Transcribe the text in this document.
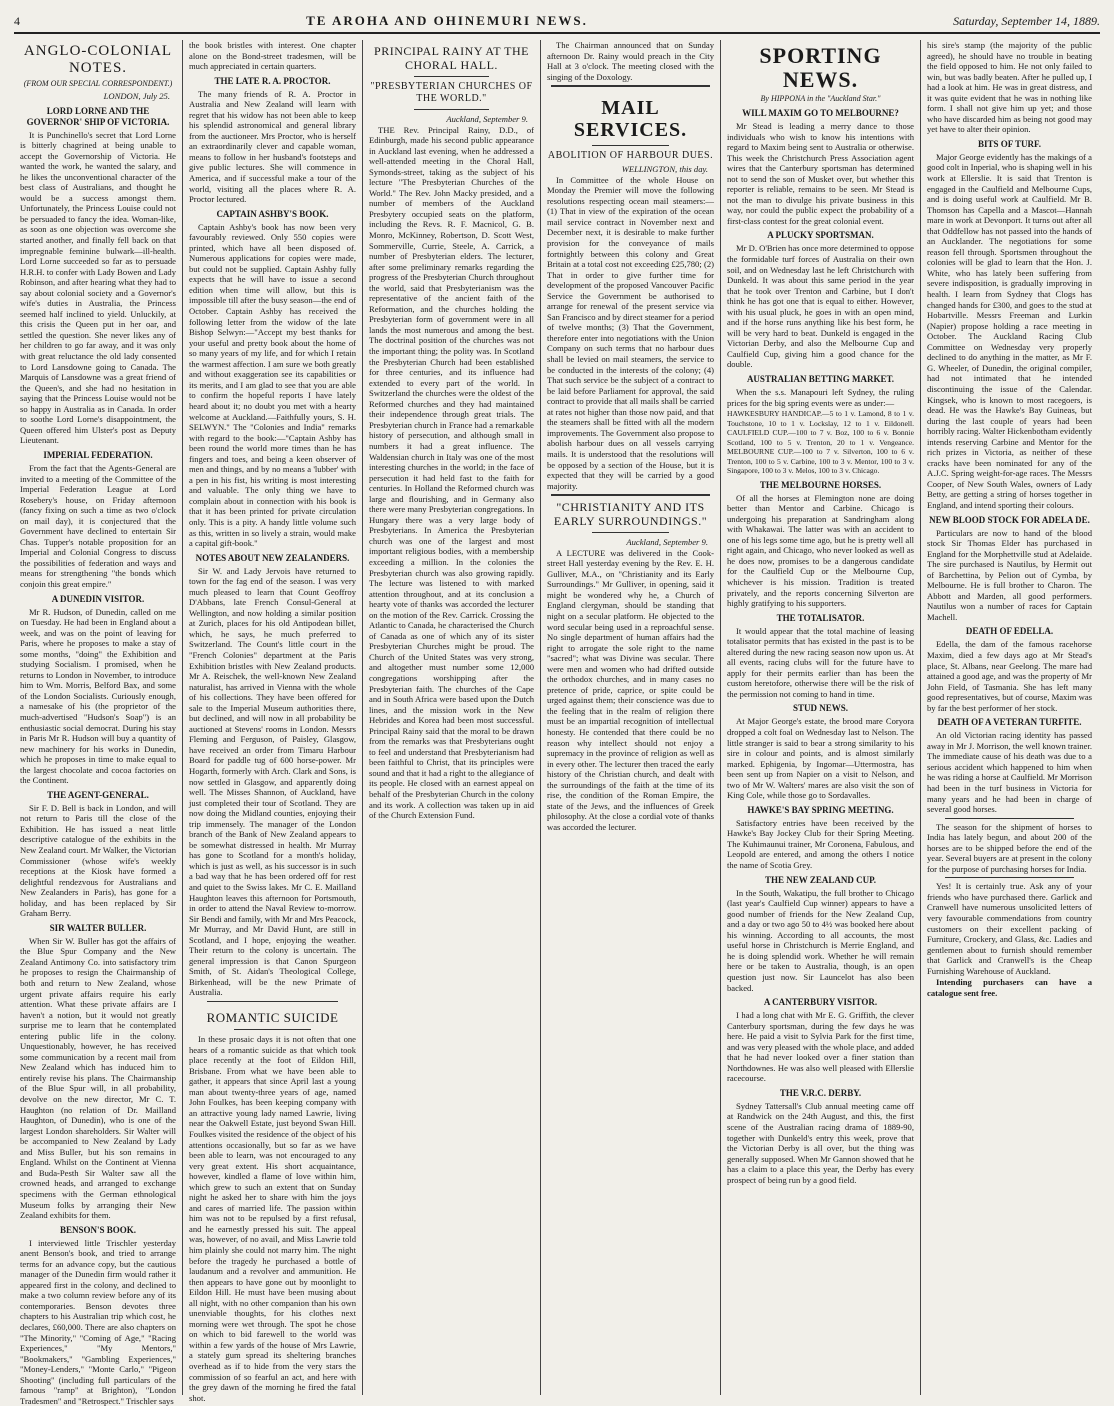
4	TE AROHA AND OHINEMURI NEWS.	Saturday, September 14, 1889.
ANGLO-COLONIAL NOTES.
(FROM OUR SPECIAL CORRESPONDENT.)
LONDON, July 25.
LORD LORNE AND THE GOVERNOR' SHIP OF VICTORIA.

It is Punchinello's secret that Lord Lorne is bitterly chagrined at being unable to accept the Governorship of Victoria. He wanted the work, he wanted the salary, and he likes the unconventional character of the best class of Australians, and thought he would be a success amongst them. Unfortunately, the Princess Louise could not be persuaded to fancy the idea. Woman-like, as soon as one objection was overcome she started another, and finally fell back on that impregnable feminine bulwark—ill-health. Lord Lorne succeeded so far as to persuade H.R.H. to confer with Lady Bowen and Lady Robinson, and after hearing what they had to say about colonial society and a Governor's wife's duties in Australia, the Princess seemed half inclined to yield. Unluckily, at this crisis the Queen put in her oar, and settled the question. She never likes any of her children to go far away, and it was only with great reluctance the old lady consented to Lord Lansdowne going to Canada. The Marquis of Lansdowne was a great friend of the Queen's, and she had no hesitation in saying that the Princess Louise would not be so happy in Australia as in Canada. In order to soothe Lord Lorne's disappointment, the Queen offered him Ulster's post as Deputy Lieutenant.

IMPERIAL FEDERATION.

From the fact that the Agents-General are invited to a meeting of the Committee of the Imperial Federation League at Lord Rosebery's house, on Friday afternoon (fancy fixing on such a time as two o'clock on mail day), it is conjectured that the Government have declined to entertain Sir Chas. Tupper's notable proposition for an Imperial and Colonial Congress to discuss the possibilities of federation and ways and means for strengthening "the bonds which conjoin this great empire."

A DUNEDIN VISITOR.

Mr R. Hudson, of Dunedin, called on me on Tuesday. He had been in England about a week, and was on the point of leaving for Paris, where he proposes to make a stay of some months, "doing" the Exhibition and studying Socialism. I promised, when he returns to London in November, to introduce him to Wm. Morris, Belford Bax, and some of the London Socialists. Curiously enough, a namesake of his (the proprietor of the much-advertised "Hudson's Soap") is an enthusiastic social democrat. During his stay in Paris Mr R. Hudson will buy a quantity of new machinery for his works in Dunedin, which he proposes in time to make equal to the largest chocolate and cocoa factories on the Continent.

THE AGENT-GENERAL.

Sir F. D. Bell is back in London, and will not return to Paris till the close of the Exhibition. He has issued a neat little descriptive catalogue of the exhibits in the New Zealand court. Mr Walker, the Victorian Commissioner (whose wife's weekly receptions at the Kiosk have formed a delightful rendezvous for Australians and New Zealanders in Paris), has gone for a holiday, and has been replaced by Sir Graham Berry.

SIR WALTER BULLER.

When Sir W. Buller has got the affairs of the Blue Spur Company and the New Zealand Antimony Co. into satisfactory trim he proposes to resign the Chairmanship of both and return to New Zealand, whose urgent private affairs require his early attention. What these private affairs are I haven't a notion, but it would not greatly surprise me to learn that he contemplated entering public life in the colony. Unquestionably, however, he has received some communication by a recent mail from New Zealand which has induced him to entirely revise his plans. The Chairmanship of the Blue Spur will, in all probability, devolve on the new director, Mr C. T. Haughton (no relation of Dr. Mailland Haughton, of Dunedin), who is one of the largest London shareholders. Sir Walter will be accompanied to New Zealand by Lady and Miss Buller, but his son remains in England. Whilst on the Continent at Vienna and Buda-Pesth Sir Walter saw all the crowned heads, and arranged to exchange specimens with the German ethnological Museum folks by arranging their New Zealand exhibits for them.

BENSON'S BOOK.

I interviewed little Trischler yesterday anent Benson's book, and tried to arrange terms for an advance copy, but the cautious manager of the Dunedin firm would rather it appeared first in the colony, and declined to make a two column review before any of its contemporaries. Benson devotes three chapters to his Australian trip which cost, he declares, £60,000. There are also chapters on "The Minority," "Coming of Age," "Racing Experiences," "My Mentors," "Bookmakers," "Gambling Experiences," "Money-Lenders," "Monte Carlo," "Pigeon Shooting" (including full particulars of the famous "ramp" at Brighton), "London Tradesmen" and "Retrospect." Trischler says

the book bristles with interest. One chapter alone on the Bond-street tradesmen, will be much appreciated in certain quarters.

THE LATE R. A. PROCTOR.

The many friends of R. A. Proctor in Australia and New Zealand will learn with regret that his widow has not been able to keep his splendid astronomical and general library from the auctioneer. Mrs Proctor, who is herself an extraordinarily clever and capable woman, means to follow in her husband's footsteps and give public lectures. She will commence in America, and if successful make a tour of the world, visiting all the places where R. A. Proctor lectured.

CAPTAIN ASHBY'S BOOK.

Captain Ashby's book has now been very favourably reviewed. Only 550 copies were printed, which have all been disposed of. Numerous applications for copies were made, but could not be supplied. Captain Ashby fully expects that he will have to issue a second edition when time will allow, but this is impossible till after the busy season—the end of October. Captain Ashby has received the following letter from the widow of the late Bishop Selwyn:—"Accept my best thanks for your useful and pretty book about the home of so many years of my life, and for which I retain the warmest affection. I am sure we both greatly and without exaggeration see its capabilities or its merits, and I am glad to see that you are able to confirm the hopeful reports I have lately heard about it; no doubt you met with a hearty welcome at Auckland.—Faithfully yours, S. H. SELWYN." The "Colonies and India" remarks with regard to the book:—"Captain Ashby has been round the world more times than he has fingers and toes, and being a keen observer of men and things, and by no means a 'lubber' with a pen in his fist, his writing is most interesting and valuable. The only thing we have to complain about in connection with his book is that it has been printed for private circulation only. This is a pity. A handy little volume such as this, written in so lively a strain, would make a capital gift-book."

NOTES ABOUT NEW ZEALANDERS.

Sir W. and Lady Jervois have returned to town for the fag end of the season. I was very much pleased to learn that Count Geoffroy D'Abbans, late French Consul-General at Wellington, and now holding a similar position at Zurich, places for his old Antipodean billet, which, he says, he much preferred to Switzerland. The Count's little court in the "French Colonies" department at the Paris Exhibition bristles with New Zealand products. Mr A. Reischek, the well-known New Zealand naturalist, has arrived in Vienna with the whole of his collections. They have been offered for sale to the Imperial Museum authorities there, but declined, and will now in all probability be auctioned at Stevens' rooms in London. Messrs Fleming and Ferguson, of Paisley, Glasgow, have received an order from Timaru Harbour Board for paddle tug of 600 horse-power. Mr Hogarth, formerly with Arch. Clark and Sons, is now settled in Glasgow, and apparently doing well. The Misses Shannon, of Auckland, have just completed their tour of Scotland. They are now doing the Midland counties, enjoying their trip immensely. The manager of the London branch of the Bank of New Zealand appears to be somewhat distressed in health. Mr Murray has gone to Scotland for a month's holiday, which is just as well, as his successor is in such a bad way that he has been ordered off for rest and quiet to the Swiss lakes. Mr C. E. Mailland Haughton leaves this afternoon for Portsmouth, in order to attend the Naval Review to-morrow. Sir Bendi and family, with Mr and Mrs Peacock, Mr Murray, and Mr David Hunt, are still in Scotland, and I hope, enjoying the weather. Their return to the colony is uncertain. The general impression is that Canon Spurgeon Smith, of St. Aidan's Theological College, Birkenhead, will be the new Primate of Australia.

ROMANTIC SUICIDE

In these prosaic days it is not often that one hears of a romantic suicide as that which took place recently at the foot of Eildon Hill, Brisbane. From what we have been able to gather, it appears that since April last a young man about twenty-three years of age, named John Foulkes, has been keeping company with an attractive young lady named Lawrie, living near the Oakwell Estate, just beyond Swan Hill. Foulkes visited the residence of the object of his attentions occasionally, but so far as we have been able to learn, was not encouraged to any very great extent. His short acquaintance, however, kindled a flame of love within him, which grew to such an extent that on Sunday night he asked her to share with him the joys and cares of married life. The passion within him was not to be repulsed by a first refusal, and he earnestly pressed his suit. The appeal was, however, of no avail, and Miss Lawrie told him plainly she could not marry him. The night before the tragedy he purchased a bottle of laudanum and a revolver and ammunition. He then appears to have gone out by moonlight to Eildon Hill. He must have been musing about all night, with no other companion than his own unenviable thoughts, for his clothes next morning were wet through. The spot he chose on which to bid farewell to the world was within a few yards of the house of Mrs Lawrie, a stately gum spread its sheltering branches overhead as if to hide from the very stars the commission of so fearful an act, and here with the grey dawn of the morning he fired the fatal shot.

PRINCIPAL RAINY AT THE CHORAL HALL.
"PRESBYTERIAN CHURCHES OF THE WORLD."
Auckland, September 9.

THE Rev. Principal Rainy, D.D., of Edinburgh, made his second public appearance in Auckland last evening, when he addressed a well-attended meeting in the Choral Hall, Symonds-street, taking as the subject of his lecture "The Presbyterian Churches of the World." The Rev. John Macky presided, and a number of members of the Auckland Presbytery occupied seats on the platform, including the Revs. R. F. Macnicol, G. B. Monro, McKinney, Robertson, D. Scott West, Sommerville, Currie, Steele, A. Carrick, a number of Presbyterian elders. The lecturer, after some preliminary remarks regarding the progress of the Presbyterian Church throughout the world, said that Presbyterianism was the representative of the ancient faith of the Reformation, and the churches holding the Presbyterian form of government were in all lands the most numerous and among the best. The doctrinal position of the churches was not the important thing; the polity was. In Scotland the Presbyterian Church had been established for three centuries, and its influence had extended to every part of the world. In Switzerland the churches were the oldest of the Reformed churches and they had maintained their independence through great trials. The Presbyterian church in France had a remarkable history of persecution, and although small in numbers it had a great influence. The Waldensian church in Italy was one of the most interesting churches in the world; in the face of persecution it had held fast to the faith for centuries. In Holland the Reformed church was large and flourishing, and in Germany also there were many Presbyterian congregations. In Hungary there was a very large body of Presbyterians. In America the Presbyterian church was one of the largest and most important religious bodies, with a membership exceeding a million. In the colonies the Presbyterian church was also growing rapidly. The lecture was listened to with marked attention throughout, and at its conclusion a hearty vote of thanks was accorded the lecturer on the motion of the Rev. Carrick. Crossing the Atlantic to Canada, he characterised the Church of Canada as one of which any of its sister Presbyterian Churches might be proud. The Church of the United States was very strong, and altogether must number some 12,000 congregations worshipping after the Presbyterian faith. The churches of the Cape and in South Africa were based upon the Dutch lines, and the mission work in the New Hebrides and Korea had been most successful. Principal Rainy said that the moral to be drawn from the remarks was that Presbyterians ought to feel and understand that Presbyterianism had been faithful to Christ, that its principles were sound and that it had a right to the allegiance of its people. He closed with an earnest appeal on behalf of the Presbyterian Church in the colony and its work. A collection was taken up in aid of the Church Extension Fund.

The Chairman announced that on Sunday afternoon Dr. Rainy would preach in the City Hall at 3 o'clock. The meeting closed with the singing of the Doxology.

MAIL SERVICES.
ABOLITION OF HARBOUR DUES.
WELLINGTON, this day.

In Committee of the whole House on Monday the Premier will move the following resolutions respecting ocean mail steamers:—(1) That in view of the expiration of the ocean mail service contract in November next and December next, it is desirable to make further provision for the conveyance of mails fortnightly between this colony and Great Britain at a total cost not exceeding £25,780; (2) That in order to give further time for development of the proposed Vancouver Pacific Service the Government be authorised to arrange for renewal of the present service via San Francisco and by direct steamer for a period of twelve months; (3) That the Government, therefore enter into negotiations with the Union Company on such terms that no harbour dues shall be levied on mail steamers, the service to be conducted in the interests of the colony; (4) That such service be the subject of a contract to be laid before Parliament for approval, the said contract to provide that all mails shall be carried at rates not higher than those now paid, and that the steamers shall be fitted with all the modern improvements. The Government also propose to abolish harbour dues on all vessels carrying mails. It is understood that the resolutions will be opposed by a section of the House, but it is expected that they will be carried by a good majority.

"CHRISTIANITY AND ITS EARLY SURROUNDINGS."
Auckland, September 9.

A LECTURE was delivered in the Cook-street Hall yesterday evening by the Rev. E. H. Gulliver, M.A., on "Christianity and its Early Surroundings." Mr Gulliver, in opening, said it might be wondered why he, a Church of England clergyman, should be standing that night on a secular platform. He objected to the word secular being used in a reproachful sense. No single department of human affairs had the right to arrogate the sole right to the name "sacred"; what was Divine was secular. There were men and women who had drifted outside the orthodox churches, and in many cases no pretence of pride, caprice, or spite could be urged against them; their conscience was due to the feeling that in the realm of religion there must be an impartial recognition of intellectual honesty. He contended that there could be no reason why intellect should not enjoy a supremacy in the province of religion as well as in every other. The lecturer then traced the early history of the Christian church, and dealt with the surroundings of the faith at the time of its rise, the condition of the Roman Empire, the state of the Jews, and the influences of Greek philosophy. At the close a cordial vote of thanks was accorded the lecturer.

SPORTING NEWS.
By HIPPONA in the "Auckland Star."
WILL MAXIM GO TO MELBOURNE?

Mr Stead is leading a merry dance to those individuals who wish to know his intentions with regard to Maxim being sent to Australia or otherwise. This week the Christchurch Press Association agent wires that the Canterbury sportsman has determined not to send the son of Musket over, but whether this reporter is reliable, remains to be seen. Mr Stead is not the man to divulge his private business in this way, nor could the public expect the probability of a first-class contest for the great colonial event.

A PLUCKY SPORTSMAN.

Mr D. O'Brien has once more determined to oppose the formidable turf forces of Australia on their own soil, and on Wednesday last he left Christchurch with Dunkeld. It was about this same period in the year that he took over Trenton and Carbine, but I don't think he has got one that is equal to either. However, with his usual pluck, he goes in with an open mind, and if the horse runs anything like his best form, he will be very hard to beat. Dunkeld is engaged in the Victorian Derby, and also the Melbourne Cup and Caulfield Cup, giving him a good chance for the double.

AUSTRALIAN BETTING MARKET.

When the s.s. Manapouri left Sydney, the ruling prices for the big spring events were as under:—

HAWKESBURY HANDICAP.—5 to 1 v. Lamond, 8 to 1 v. Touchstone, 10 to 1 v. Lockslay, 12 to 1 v. Eildonell. CAULFIELD CUP.—100 to 7 v. Boz, 100 to 6 v. Bonnie Scotland, 100 to 5 v. Trenton, 20 to 1 v. Vengeance. MELBOURNE CUP.—100 to 7 v. Silverton, 100 to 6 v. Trenton, 100 to 5 v. Carbine, 100 to 3 v. Mentor, 100 to 3 v. Singapore, 100 to 3 v. Melos, 100 to 3 v. Chicago.

THE MELBOURNE HORSES.

Of all the horses at Flemington none are doing better than Mentor and Carbine. Chicago is undergoing his preparation at Sandringham along with Whakawai. The latter was with an accident to one of his legs some time ago, but he is pretty well all right again, and Chicago, who never looked as well as he does now, promises to be a dangerous candidate for the Caulfield Cup or the Melbourne Cup, whichever is his mission. Tradition is treated privately, and the reports concerning Silverton are highly gratifying to his supporters.

THE TOTALISATOR.

It would appear that the total machine of leasing totalisator permits that has existed in the past is to be altered during the new racing season now upon us. At all events, racing clubs will for the future have to apply for their permits earlier than has been the custom heretofore, otherwise there will be the risk of the permission not coming to hand in time.

STUD NEWS.

At Major George's estate, the brood mare Coryora dropped a colt foal on Wednesday last to Nelson. The little stranger is said to bear a strong similarity to his sire in colour and points, and is almost similarly marked. Ephigenia, by Ingomar—Uttermostra, has been sent up from Napier on a visit to Nelson, and two of Mr W. Walters' mares are also visit the son of King Cole, while those go to Sordavalles.

HAWKE'S BAY SPRING MEETING.

Satisfactory entries have been received by the Hawke's Bay Jockey Club for their Spring Meeting. The Kuhimaunui trainer, Mr Coronena, Fabulous, and Leopold are entered, and among the others I notice the name of Scotia Grey.

THE NEW ZEALAND CUP.

In the South, Wakatipu, the full brother to Chicago (last year's Caulfield Cup winner) appears to have a good number of friends for the New Zealand Cup, and a day or two ago 50 to 4½ was booked here about his winning. According to all accounts, the most useful horse in Christchurch is Merrie England, and he is doing splendid work. Whether he will remain here or be taken to Australia, though, is an open question just now. Sir Launcelot has also been backed.

A CANTERBURY VISITOR.

I had a long chat with Mr E. G. Griffith, the clever Canterbury sportsman, during the few days he was here. He paid a visit to Sylvia Park for the first time, and was very pleased with the whole place, and added that he had never looked over a finer station than Northdownes. He was also well pleased with Ellerslie racecourse.

THE V.R.C. DERBY.

Sydney Tattersall's Club annual meeting came off at Randwick on the 24th August, and this, the first scene of the Australian racing drama of 1889-90, together with Dunkeld's entry this week, prove that the Victorian Derby is all over, but the thing was generally supposed. When Mr Gannon showed that he has a claim to a place this year, the Derby has every prospect of being run by a good field.

his sire's stamp (the majority of the public agreed), he should have no trouble in beating the field opposed to him. He not only failed to win, but was badly beaten. After he pulled up, I had a look at him. He was in great distress, and it was quite evident that he was in nothing like form. I shall not give him up yet; and those who have discarded him as being not good may yet have to alter their opinion.

BITS OF TURF.

Major George evidently has the makings of a good colt in Inperial, who is shaping well in his work at Ellerslie. It is said that Trenton is engaged in the Caulfield and Melbourne Cups, and is doing useful work at Caulfield. Mr B. Thomson has Capella and a Mascot—Hannah mare in work at Devonport. It turns out after all that Oddfellow has not passed into the hands of an Aucklander. The negotiations for some reason fell through. Sportsmen throughout the colonies will be glad to learn that the Hon. J. White, who has lately been suffering from severe indisposition, is gradually improving in health. I learn from Sydney that Clogs has changed hands for £300, and goes to the stud at Hobartville. Messrs Freeman and Lurkin (Napier) propose holding a race meeting in October. The Auckland Racing Club Committee on Wednesday very properly declined to do anything in the matter, as Mr F. G. Wheeler, of Dunedin, the original compiler, had not intimated that he intended discontinuing the issue of the Calendar. Kingsek, who is known to most racegoers, is dead. He was the Hawke's Bay Guineas, but during the last couple of years had been horribly racing. Walter Hickenbotham evidently intends reserving Carbine and Mentor for the rich prizes in Victoria, as neither of these cracks have been nominated for any of the A.J.C. Spring weight-for-age races. The Messrs Cooper, of New South Wales, owners of Lady Betty, are getting a string of horses together in England, and intend sporting their colours.

NEW BLOOD STOCK FOR ADELA DE.

Particulars are now to hand of the blood stock Sir Thomas Elder has purchased in England for the Morphettville stud at Adelaide. The sire purchased is Nautilus, by Hermit out of Barchettina, by Pelion out of Cymba, by Melbourne. He is full brother to Charon. The Abbott and Marden, all good performers. Nautilus won a number of races for Captain Machell.

DEATH OF EDELLA.

Edella, the dam of the famous racehorse Maxim, died a few days ago at Mr Stead's place, St. Albans, near Geelong. The mare had attained a good age, and was the property of Mr John Field, of Tasmania. She has left many good representatives, but of course, Maxim was by far the best performer of her stock.

DEATH OF A VETERAN TURFITE.

An old Victorian racing identity has passed away in Mr J. Morrison, the well known trainer. The immediate cause of his death was due to a serious accident which happened to him when he was riding a horse at Caulfield. Mr Morrison had been in the turf business in Victoria for many years and he had been in charge of several good horses.

The season for the shipment of horses to India has lately begun, and about 200 of the horses are to be shipped before the end of the year. Several buyers are at present in the colony for the purpose of purchasing horses for India.

Yes! It is certainly true. Ask any of your friends who have purchased there. Garlick and Cranwell have numerous unsolicited letters of very favourable commendations from country customers on their excellent packing of Furniture, Crockery, and Glass, &c. Ladies and gentlemen about to furnish should remember that Garlick and Cranwell's is the Cheap Furnishing Warehouse of Auckland.

Intending purchasers can have a catalogue sent free.
